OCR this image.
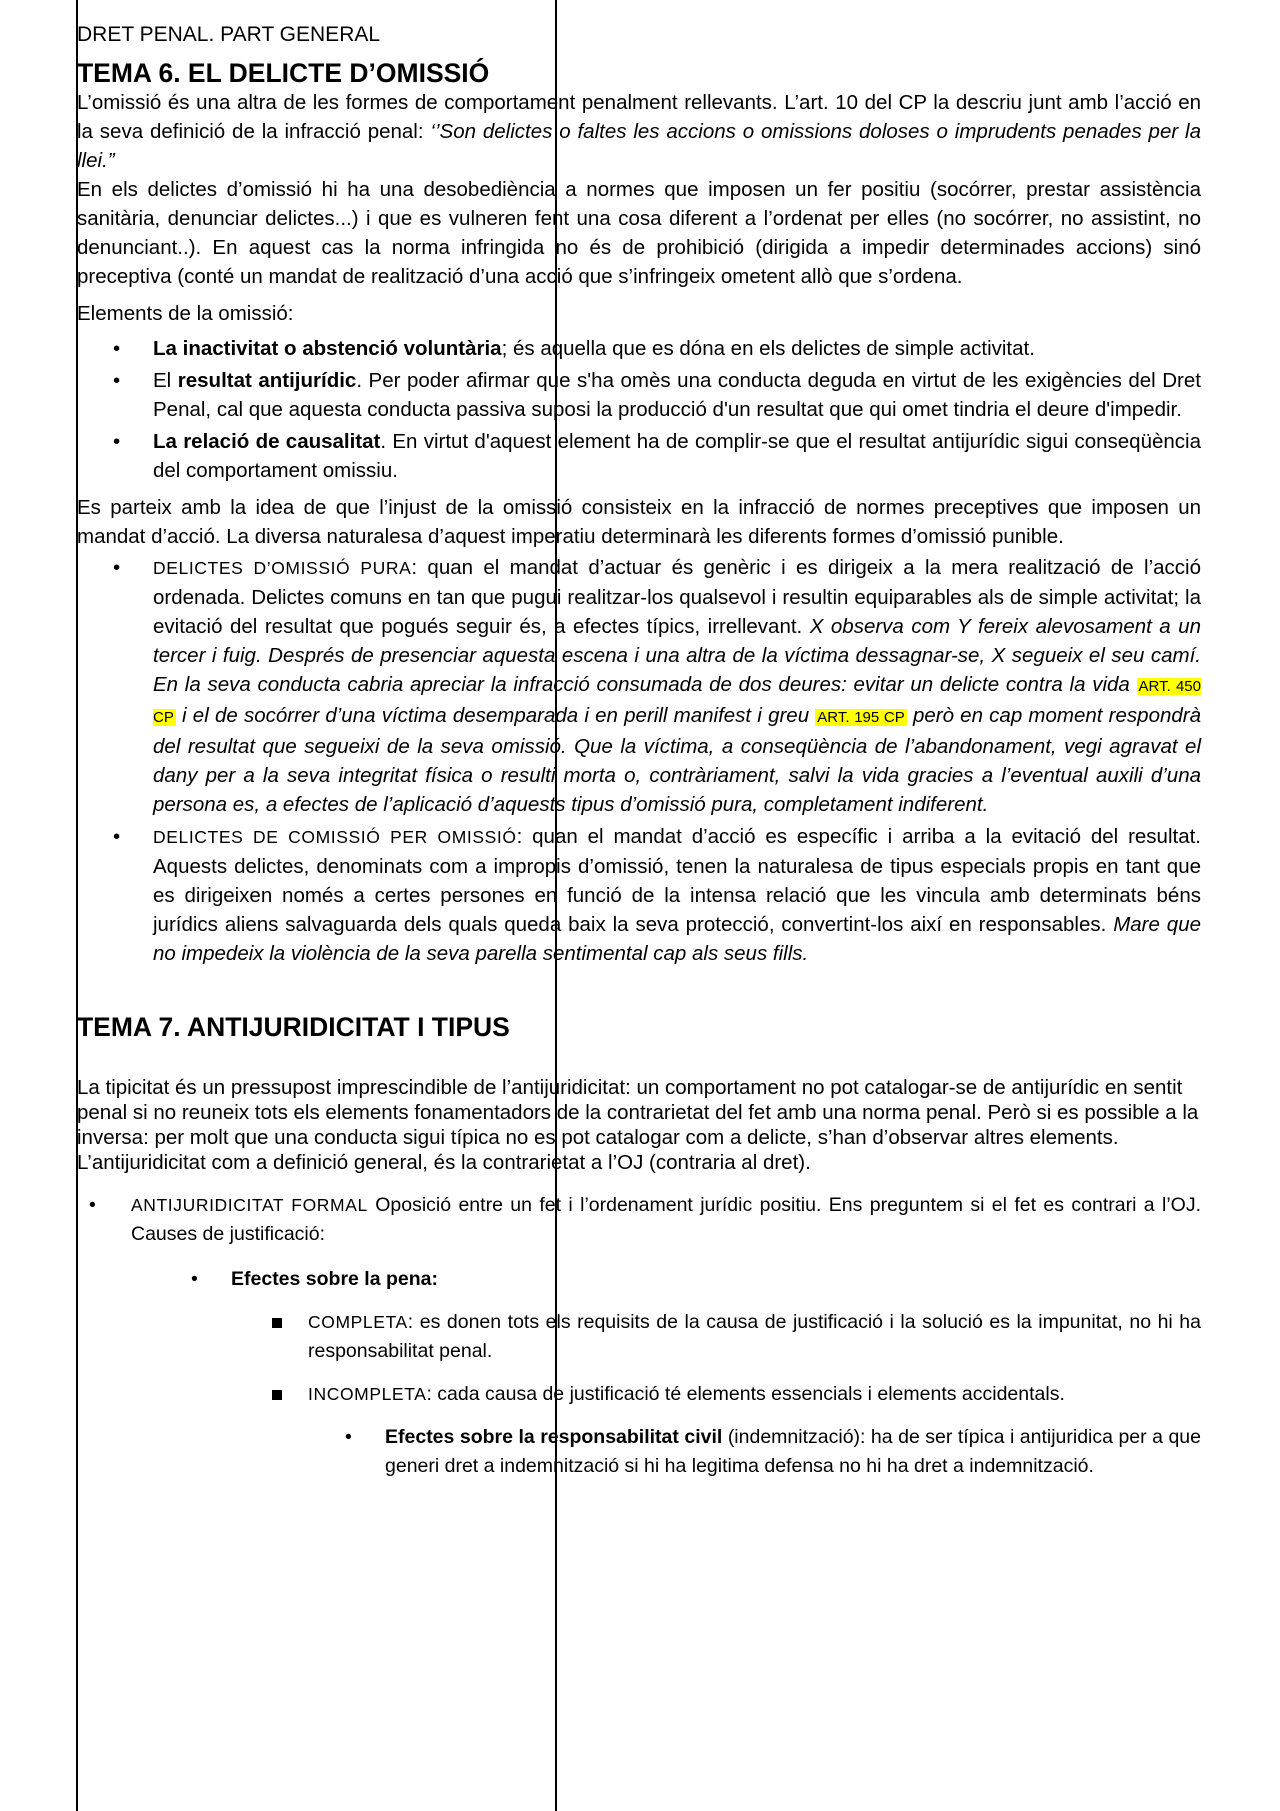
DRET PENAL. PART GENERAL
TEMA 6. EL DELICTE D’OMISSIÓ

L’omissió és una altra de les formes de comportament penalment rellevants. L’art. 10 del CP la descriu junt amb l’acció en la seva definició de la infracció penal: ‘’Son delictes o faltes les accions o omissions doloses o imprudents penades per la llei.”

En els delictes d’omissió hi ha una desobediència a normes que imposen un fer positiu (socórrer, prestar assistència sanitària, denunciar delictes...) i que es vulneren fent una cosa diferent a l’ordenat per elles (no socórrer, no assistint, no denunciant..). En aquest cas la norma infringida no és de prohibició (dirigida a impedir determinades accions) sinó preceptiva (conté un mandat de realització d’una acció que s’infringeix ometent allò que s’ordena.

Elements de la omissió:

• La inactivitat o abstenció voluntària; és aquella que es dóna en els delictes de simple activitat.
• El resultat antijurídic. Per poder afirmar que s'ha omès una conducta deguda en virtut de les exigències del Dret Penal, cal que aquesta conducta passiva suposi la producció d'un resultat que qui omet tindria el deure d'impedir.
• La relació de causalitat. En virtut d'aquest element ha de complir-se que el resultat antijurídic sigui conseqüència del comportament omissiu.

Es parteix amb la idea de que l’injust de la omissió consisteix en la infracció de normes preceptives que imposen un mandat d’acció. La diversa naturalesa d’aquest imperatiu determinarà les diferents formes d’omissió punible.

• DELICTES D’OMISSIÓ PURA: quan el mandat d’actuar és genèric i es dirigeix a la mera realització de l’acció ordenada. Delictes comuns en tan que pugui realitzar-los qualsevol i resultin equiparables als de simple activitat; la evitació del resultat que pogués seguir és, a efectes típics, irrellevant. X observa com Y fereix alevosament a un tercer i fuig. Després de presenciar aquesta escena i una altra de la víctima dessagnar-se, X segueix el seu camí. En la seva conducta cabria apreciar la infracció consumada de dos deures: evitar un delicte contra la vida ART. 450 CP i el de socórrer d’una víctima desemparada i en perill manifest i greu ART. 195 CP però en cap moment respondrà del resultat que segueixi de la seva omissió. Que la víctima, a conseqüència de l’abandonament, vegi agravat el dany per a la seva integritat física o resulti morta o, contràriament, salvi la vida gracies a l’eventual auxili d’una persona es, a efectes de l’aplicació d’aquests tipus d’omissió pura, completament indiferent.
• DELICTES DE COMISSIÓ PER OMISSIÓ: quan el mandat d’acció es específic i arriba a la evitació del resultat. Aquests delictes, denominats com a impropis d’omissió, tenen la naturalesa de tipus especials propis en tant que es dirigeixen només a certes persones en funció de la intensa relació que les vincula amb determinats béns jurídics aliens salvaguarda dels quals queda baix la seva protecció, convertint-los així en responsables. Mare que no impedeix la violència de la seva parella sentimental cap als seus fills.
TEMA 7. ANTIJURIDICITAT I TIPUS

La tipicitat és un pressupost imprescindible de l’antijuridicitat: un comportament no pot catalogar-se de antijurídic en sentit penal si no reuneix tots els elements fonamentadors de la contrarietat del fet amb una norma penal. Però si es possible a la inversa: per molt que una conducta sigui típica no es pot catalogar com a delicte, s’han d’observar altres elements.

L’antijuridicitat com a definició general, és la contrarietat a l’OJ (contraria al dret).

• ANTIJURIDICITAT FORMAL Oposició entre un fet i l’ordenament jurídic positiu. Ens preguntem si el fet es contrari a l’OJ. Causes de justificació:
• Efectes sobre la pena:
COMPLETA: es donen tots els requisits de la causa de justificació i la solució es la impunitat, no hi ha responsabilitat penal.
INCOMPLETA: cada causa de justificació té elements essencials i elements accidentals.
• Efectes sobre la responsabilitat civil (indemnització): ha de ser típica i antijuridica per a que generi dret a indemnització si hi ha legitima defensa no hi ha dret a indemnització.
